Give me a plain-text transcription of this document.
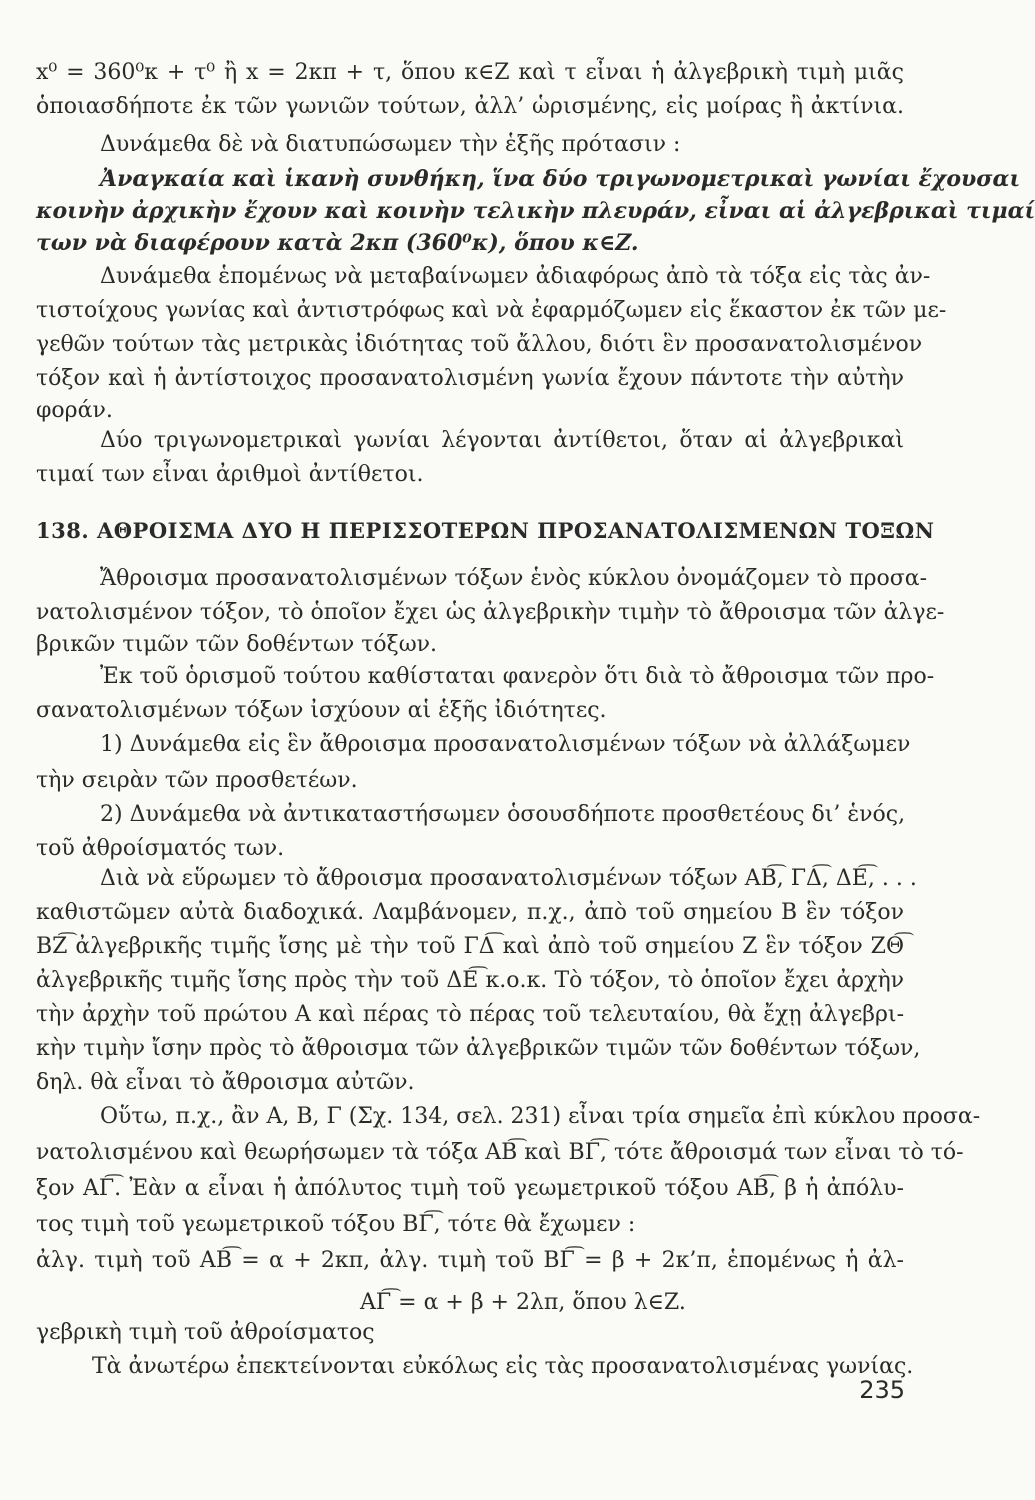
x⁰ = 360⁰κ + τ⁰ ἢ x = 2κπ + τ, ὅπου κ∈Z καὶ τ εἶναι ἡ ἀλγεβρικὴ τιμὴ μιᾶς
ὁποιασδήποτε ἐκ τῶν γωνιῶν τούτων, ἀλλ’ ὡρισμένης, εἰς μοίρας ἢ ἀκτίνια.
Δυνάμεθα δὲ νὰ διατυπώσωμεν τὴν ἑξῆς πρότασιν :
Ἀναγκαία καὶ ἱκανὴ συνθήκη, ἵνα δύο τριγωνομετρικαὶ γωνίαι ἔχουσαι
κοινὴν ἀρχικὴν ἔχουν καὶ κοινὴν τελικὴν πλευράν, εἶναι αἱ ἀλγεβρικαὶ τιμαί
των νὰ διαφέρουν κατὰ 2κπ (360⁰κ), ὅπου κ∈Z.
Δυνάμεθα ἑπομένως νὰ μεταβαίνωμεν ἀδιαφόρως ἀπὸ τὰ τόξα εἰς τὰς ἀν-
τιστοίχους γωνίας καὶ ἀντιστρόφως καὶ νὰ ἐφαρμόζωμεν εἰς ἕκαστον ἐκ τῶν με-
γεθῶν τούτων τὰς μετρικὰς ἰδιότητας τοῦ ἄλλου, διότι ἓν προσανατολισμένον
τόξον καὶ ἡ ἀντίστοιχος προσανατολισμένη γωνία ἔχουν πάντοτε τὴν αὐτὴν
φοράν.
Δύο τριγωνομετρικαὶ γωνίαι λέγονται ἀντίθετοι, ὅταν αἱ ἀλγεβρικαὶ
τιμαί των εἶναι ἀριθμοὶ ἀντίθετοι.
138. ΑΘΡΟΙΣΜΑ ΔΥΟ Η ΠΕΡΙΣΣΟΤΕΡΩΝ ΠΡΟΣΑΝΑΤΟΛΙΣΜΕΝΩΝ ΤΟΞΩΝ
Ἄθροισμα προσανατολισμένων τόξων ἑνὸς κύκλου ὀνομάζομεν τὸ προσα-
νατολισμένον τόξον, τὸ ὁποῖον ἔχει ὡς ἀλγεβρικὴν τιμὴν τὸ ἄθροισμα τῶν ἀλγε-
βρικῶν τιμῶν τῶν δοθέντων τόξων.
Ἐκ τοῦ ὁρισμοῦ τούτου καθίσταται φανερὸν ὅτι διὰ τὸ ἄθροισμα τῶν προ-
σανατολισμένων τόξων ἰσχύουν αἱ ἑξῆς ἰδιότητες.
1) Δυνάμεθα εἰς ἓν ἄθροισμα προσανατολισμένων τόξων νὰ ἀλλάξωμεν
τὴν σειρὰν τῶν προσθετέων.
2) Δυνάμεθα νὰ ἀντικαταστήσωμεν ὁσουσδήποτε προσθετέους δι’ ἑνός,
τοῦ ἀθροίσματός των.
Διὰ νὰ εὕρωμεν τὸ ἄθροισμα προσανατολισμένων τόξων AB͡, ΓΔ͡, ΔE͡, . . .
καθιστῶμεν αὐτὰ διαδοχικά. Λαμβάνομεν, π.χ., ἀπὸ τοῦ σημείου B ἓν τόξον
BZ͡ ἀλγεβρικῆς τιμῆς ἴσης μὲ τὴν τοῦ ΓΔ͡ καὶ ἀπὸ τοῦ σημείου Z ἓν τόξον ZΘ͡
ἀλγεβρικῆς τιμῆς ἴσης πρὸς τὴν τοῦ ΔE͡ κ.ο.κ. Τὸ τόξον, τὸ ὁποῖον ἔχει ἀρχὴν
τὴν ἀρχὴν τοῦ πρώτου A καὶ πέρας τὸ πέρας τοῦ τελευταίου, θὰ ἔχῃ ἀλγεβρι-
κὴν τιμὴν ἴσην πρὸς τὸ ἄθροισμα τῶν ἀλγεβρικῶν τιμῶν τῶν δοθέντων τόξων,
δηλ. θὰ εἶναι τὸ ἄθροισμα αὐτῶν.
Οὕτω, π.χ., ἂν A, B, Γ (Σχ. 134, σελ. 231) εἶναι τρία σημεῖα ἐπὶ κύκλου προσα-
νατολισμένου καὶ θεωρήσωμεν τὰ τόξα AB͡ καὶ BΓ͡, τότε ἄθροισμά των εἶναι τὸ τό-
ξον AΓ͡. Ἐὰν α εἶναι ἡ ἀπόλυτος τιμὴ τοῦ γεωμετρικοῦ τόξου AB͡, β ἡ ἀπόλυ-
τος τιμὴ τοῦ γεωμετρικοῦ τόξου BΓ͡, τότε θὰ ἔχωμεν :
ἀλγ. τιμὴ τοῦ AB͡ = α + 2κπ, ἀλγ. τιμὴ τοῦ BΓ͡ = β + 2κ’π, ἑπομένως ἡ ἀλ-
AΓ͡ = α + β + 2λπ, ὅπου λ∈Z.
γεβρικὴ τιμὴ τοῦ ἀθροίσματος
Τὰ ἀνωτέρω ἐπεκτείνονται εὐκόλως εἰς τὰς προσανατολισμένας γωνίας.
235
